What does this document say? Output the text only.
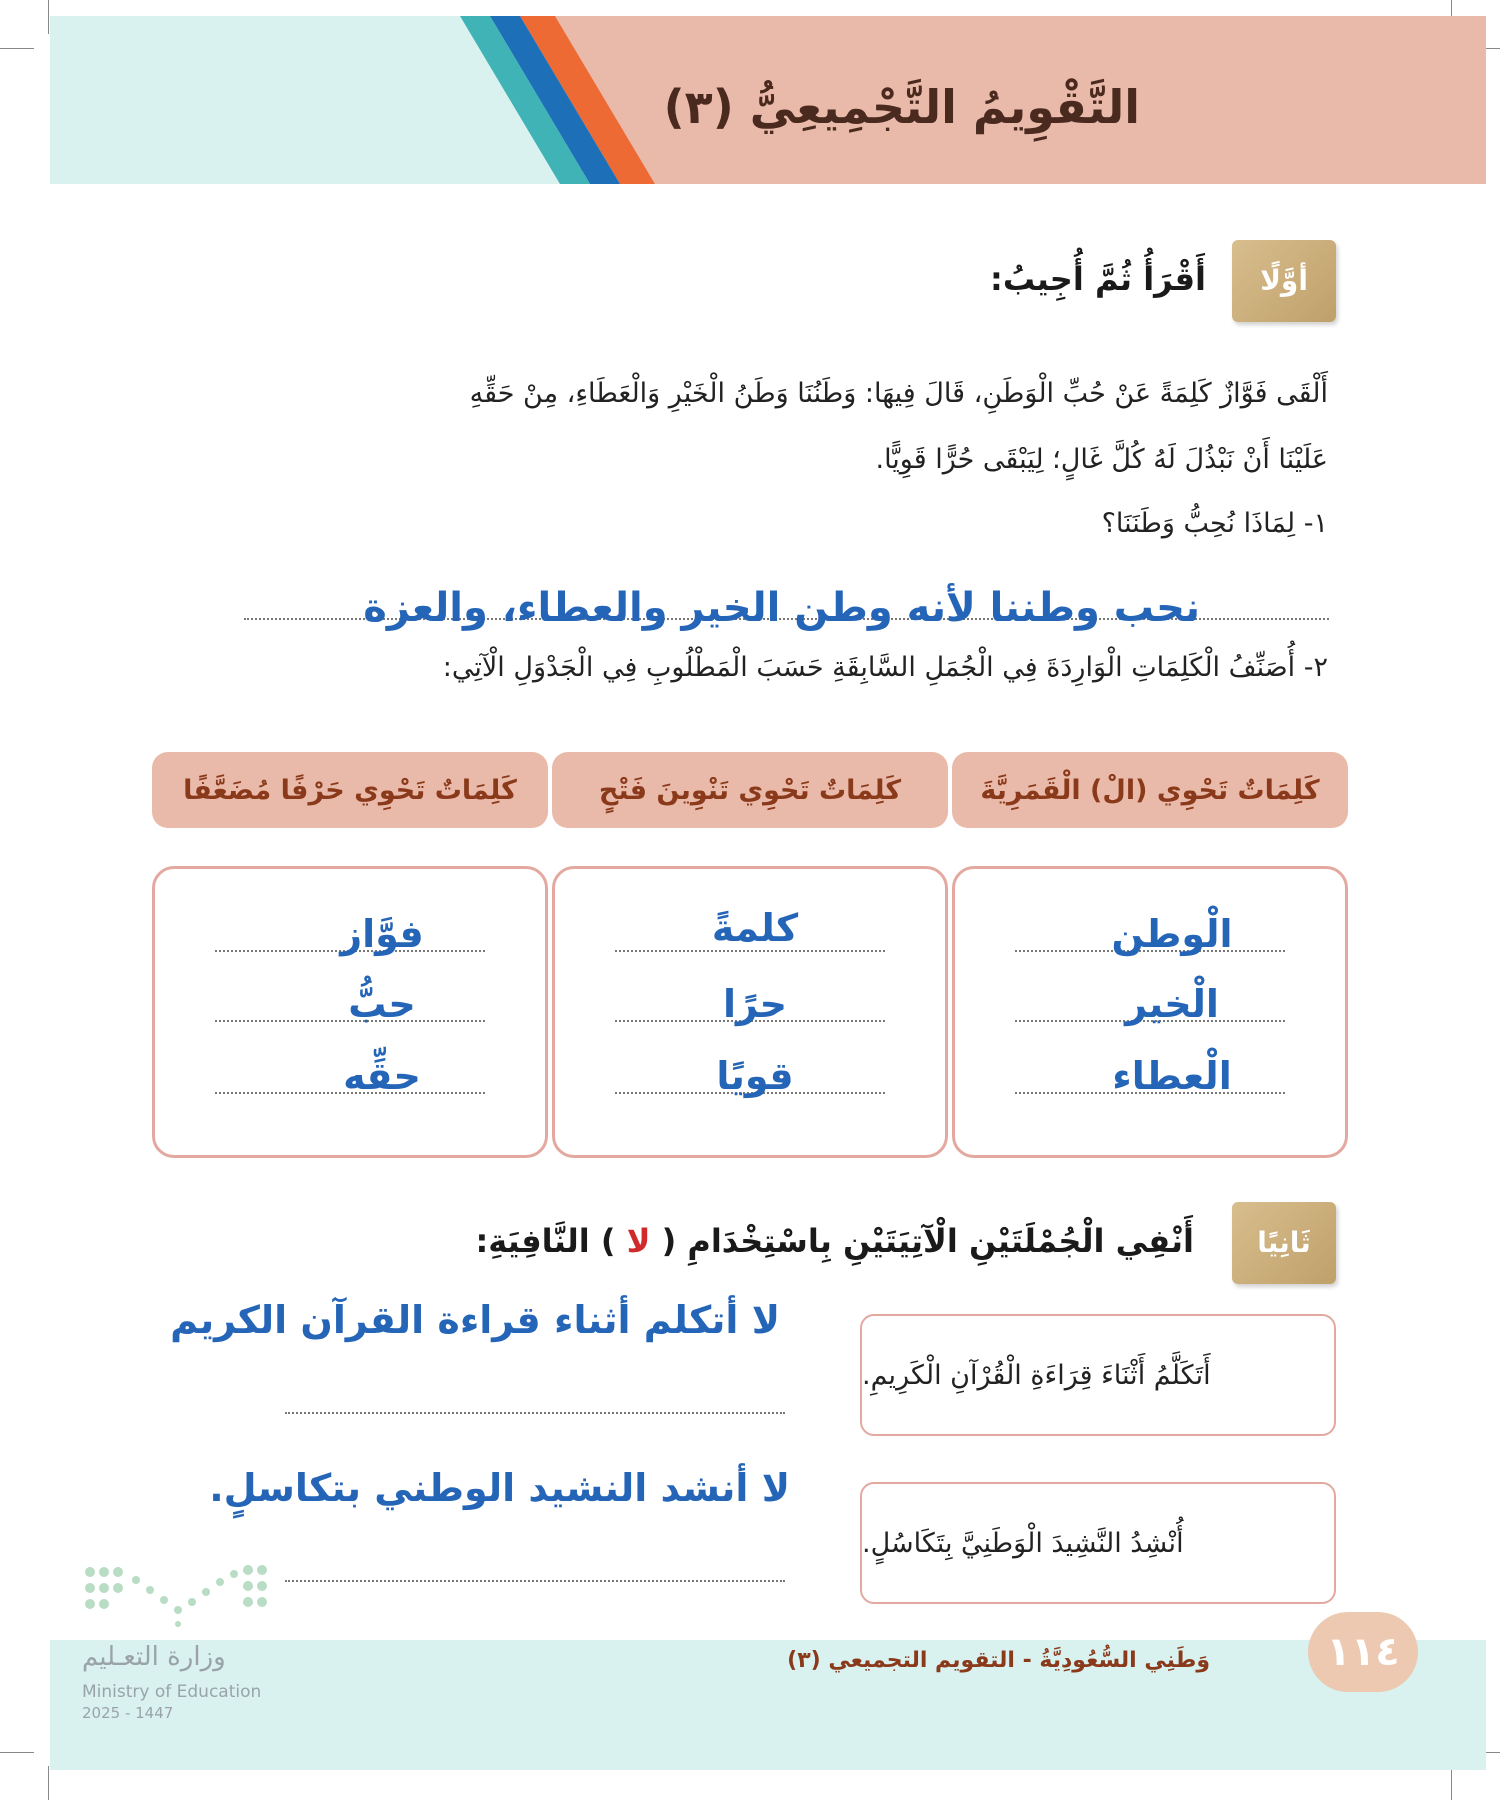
التَّقْوِيمُ التَّجْمِيعِيُّ (٣)
أوَّلًا
أَقْرَأُ ثُمَّ أُجِيبُ:
أَلْقَى فَوَّازٌ كَلِمَةً عَنْ حُبِّ الْوَطَنِ، قَالَ فِيهَا: وَطَنُنَا وَطَنُ الْخَيْرِ وَالْعَطَاءِ، مِنْ حَقِّهِ
عَلَيْنَا أَنْ نَبْذُلَ لَهُ كُلَّ غَالٍ؛ لِيَبْقَى حُرًّا قَوِيًّا.
١- لِمَاذَا نُحِبُّ وَطَنَنَا؟
نحب وطننا لأنه وطن الخير والعطاء، والعزة
٢- أُصَنِّفُ الْكَلِمَاتِ الْوَارِدَةَ فِي الْجُمَلِ السَّابِقَةِ حَسَبَ الْمَطْلُوبِ فِي الْجَدْوَلِ الْآتِي:
كَلِمَاتٌ تَحْوِي (الْ) الْقَمَرِيَّةَ
كَلِمَاتٌ تَحْوِي تَنْوِينَ فَتْحٍ
كَلِمَاتٌ تَحْوِي حَرْفًا مُضَعَّفًا
الْوطن
الْخير
الْعطاء
كلمةً
حرًا
قويًا
فوَّاز
حبُّ
حقِّه
ثَانِيًا
أَنْفِي الْجُمْلَتَيْنِ الْآتِيَتَيْنِ بِاسْتِخْدَامِ ( لا ) النَّافِيَةِ:
أَتَكَلَّمُ أَثْنَاءَ قِرَاءَةِ الْقُرْآنِ الْكَرِيمِ.
لا أتكلم أثناء قراءة القرآن الكريم
أُنْشِدُ النَّشِيدَ الْوَطَنِيَّ بِتَكَاسُلٍ.
لا أنشد النشيد الوطني بتكاسلٍ.
وَطَنِي السُّعُودِيَّةُ - التقويم التجميعي (٣)	١١٤
وزارة التعـليم
Ministry of Education
2025 - 1447
